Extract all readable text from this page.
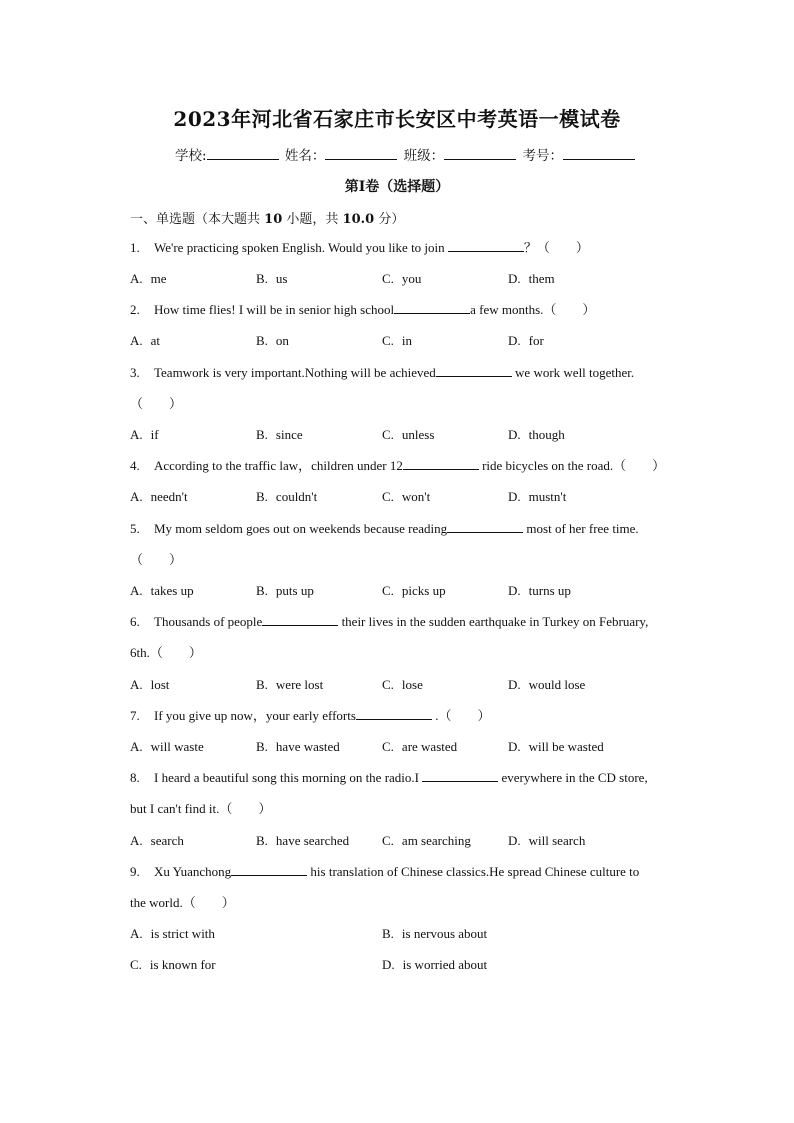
2023年河北省石家庄市长安区中考英语一模试卷
学校:	姓名：	班级：	考号：
第Ⅰ卷（选择题）
一、单选题（本大题共 10 小题，共 10.0 分）
1. We're practicing spoken English. Would you like to join	？（　　）
A. me	B. us	C. you	D. them
2. How time flies! I will be in senior high school	a few months.（　　）
A. at	B. on	C. in	D. for
3. Teamwork is very important.Nothing will be achieved	we work well together.
（　　）
A. if	B. since	C. unless	D. though
4. According to the traffic law，children under 12	ride bicycles on the road.（　　）
A. needn't	B. couldn't	C. won't	D. mustn't
5. My mom seldom goes out on weekends because reading	most of her free time.
（　　）
A. takes up	B. puts up	C. picks up	D. turns up
6. Thousands of people	their lives in the sudden earthquake in Turkey on February,
6th.（　　）
A. lost	B. were lost	C. lose	D. would lose
7. If you give up now，your early efforts	.（　　）
A. will waste	B. have wasted	C. are wasted	D. will be wasted
8. I heard a beautiful song this morning on the radio.I	everywhere in the CD store,
but I can't find it.（　　）
A. search	B. have searched	C. am searching	D. will search
9. Xu Yuanchong	his translation of Chinese classics.He spread Chinese culture to
the world.（　　）
A. is strict with	B. is nervous about
C. is known for	D. is worried about
